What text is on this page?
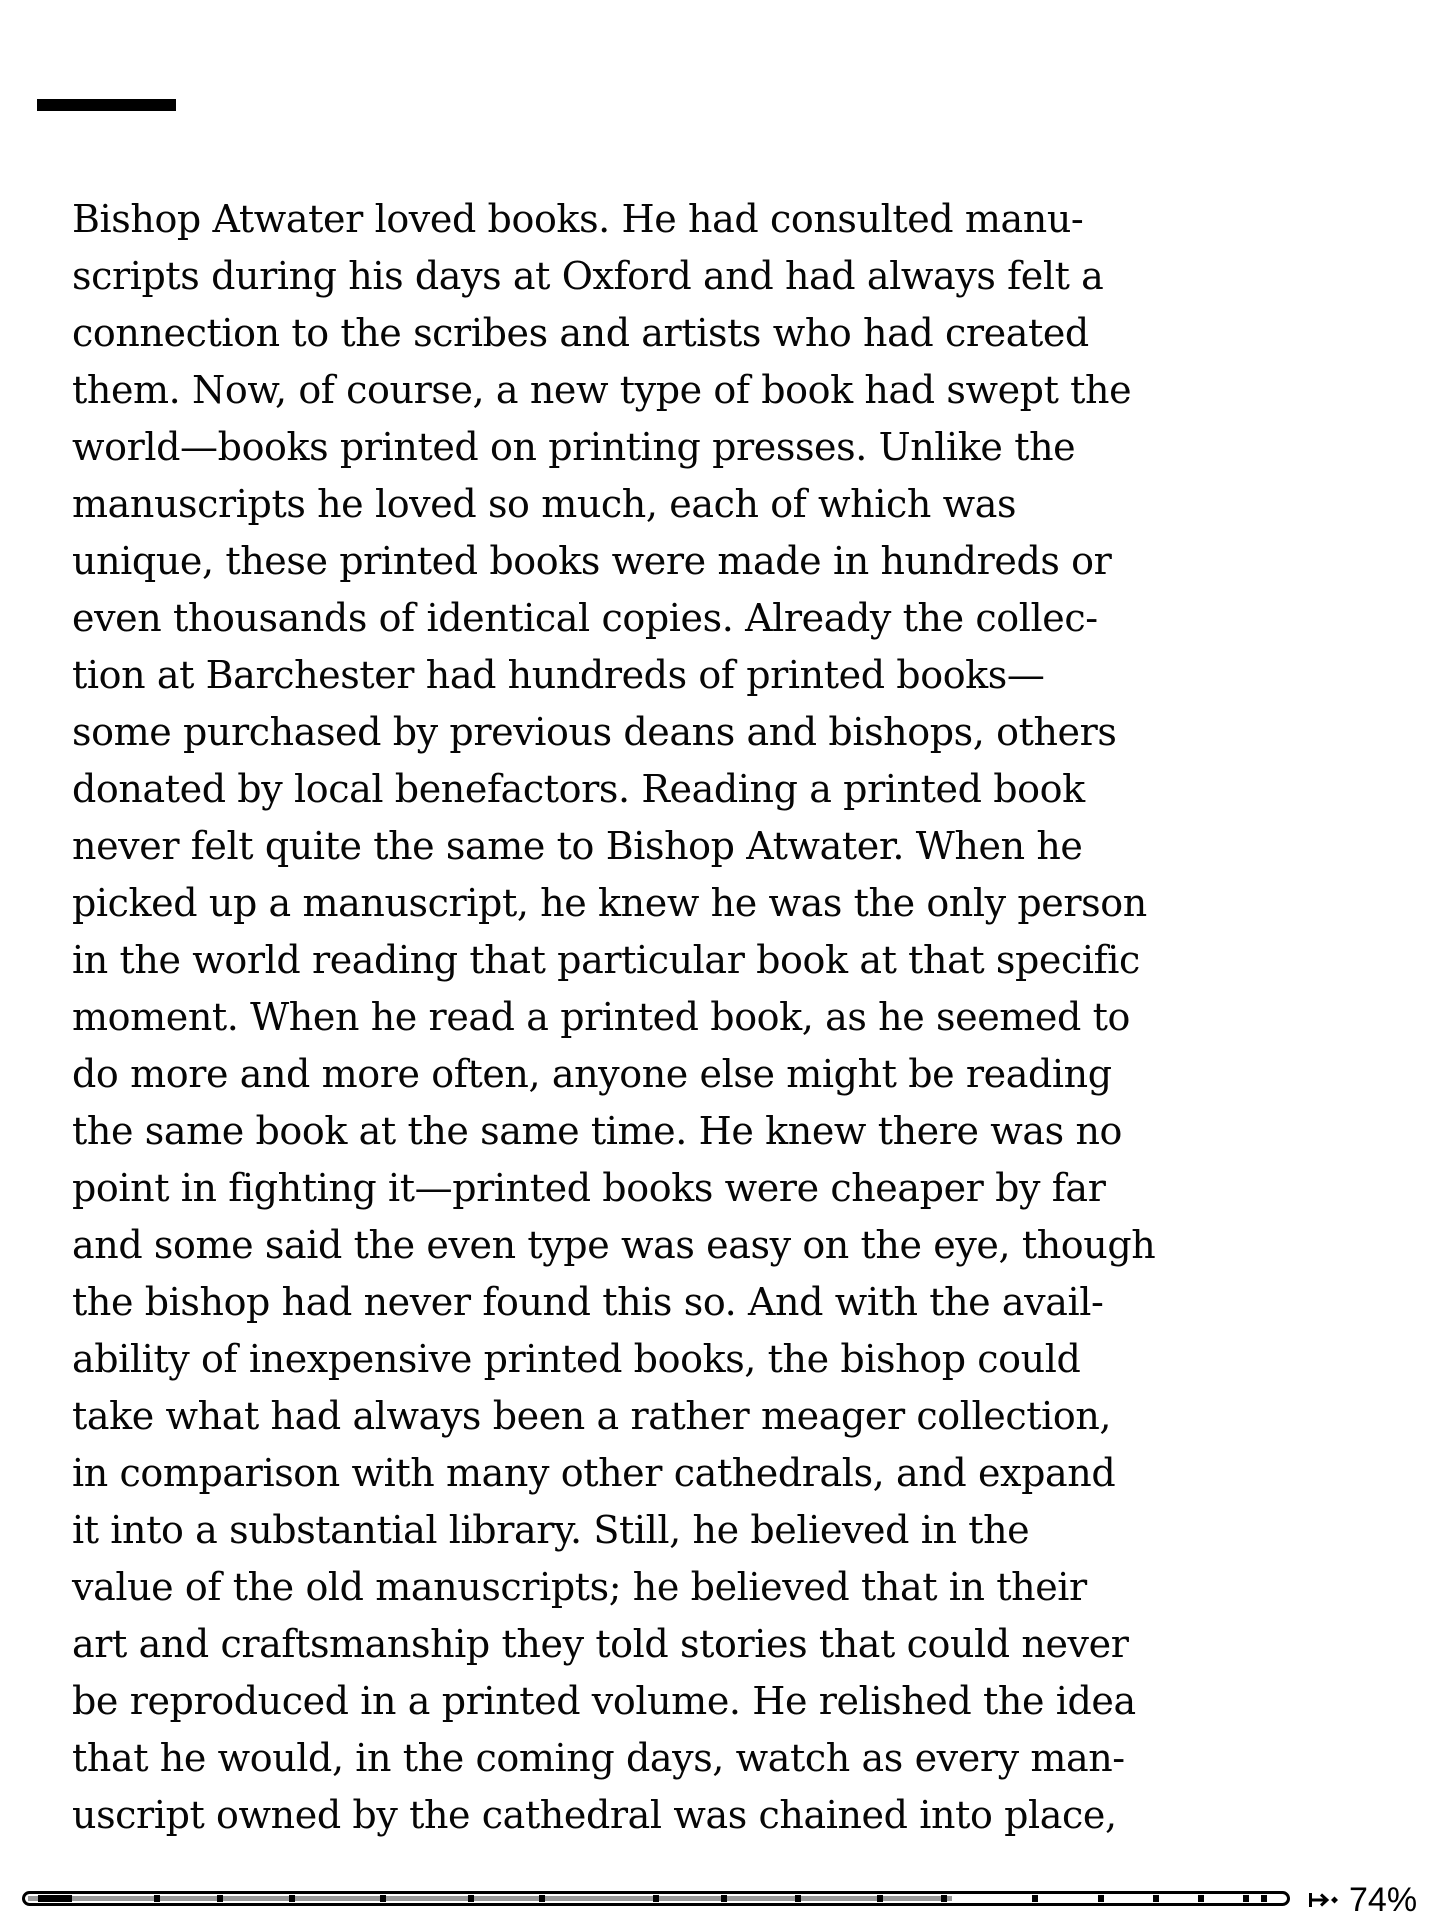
Bishop Atwater loved books. He had consulted manu-
scripts during his days at Oxford and had always felt a
connection to the scribes and artists who had created
them. Now, of course, a new type of book had swept the
world—books printed on printing presses. Unlike the
manuscripts he loved so much, each of which was
unique, these printed books were made in hundreds or
even thousands of identical copies. Already the collec-
tion at Barchester had hundreds of printed books—
some purchased by previous deans and bishops, others
donated by local benefactors. Reading a printed book
never felt quite the same to Bishop Atwater. When he
picked up a manuscript, he knew he was the only person
in the world reading that particular book at that specific
moment. When he read a printed book, as he seemed to
do more and more often, anyone else might be reading
the same book at the same time. He knew there was no
point in fighting it—printed books were cheaper by far
and some said the even type was easy on the eye, though
the bishop had never found this so. And with the avail-
ability of inexpensive printed books, the bishop could
take what had always been a rather meager collection,
in comparison with many other cathedrals, and expand
it into a substantial library. Still, he believed in the
value of the old manuscripts; he believed that in their
art and craftsmanship they told stories that could never
be reproduced in a printed volume. He relished the idea
that he would, in the coming days, watch as every man-
uscript owned by the cathedral was chained into place,
74%
